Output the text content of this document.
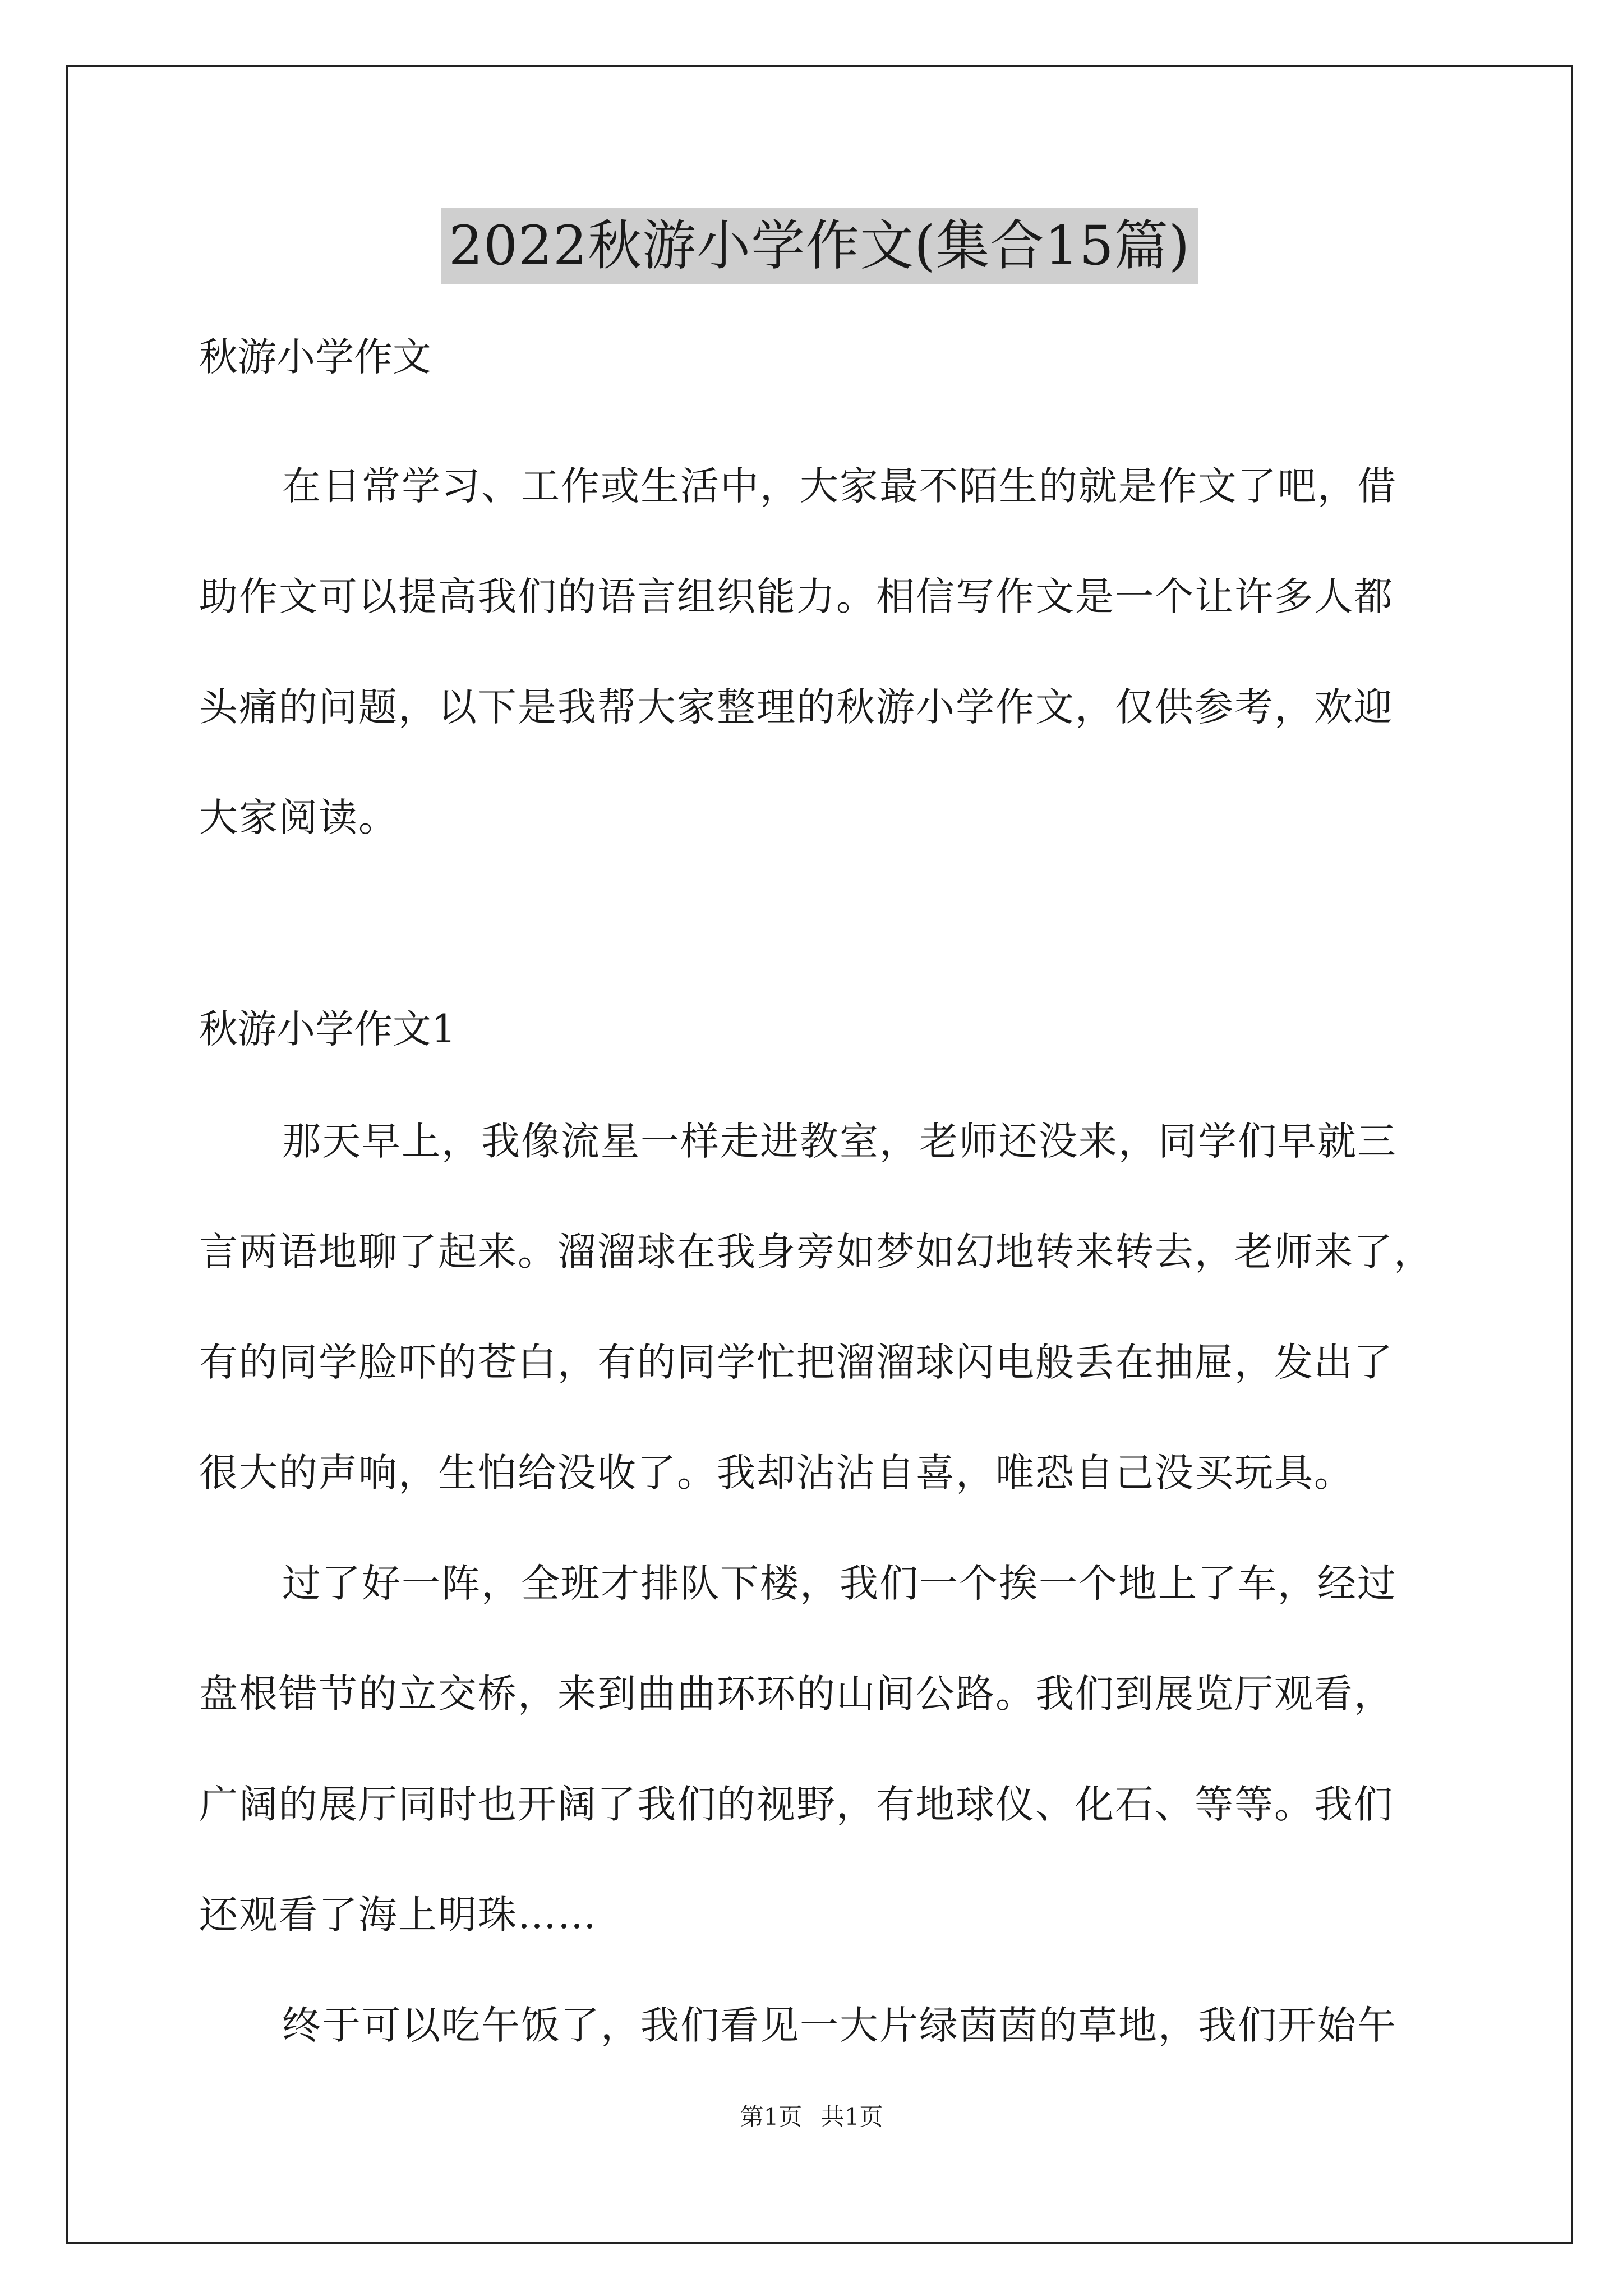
2022秋游小学作文(集合15篇)
秋游小学作文
在日常学习、工作或生活中，大家最不陌生的就是作文了吧，借
助作文可以提高我们的语言组织能力。相信写作文是一个让许多人都
头痛的问题，以下是我帮大家整理的秋游小学作文，仅供参考，欢迎
大家阅读。
秋游小学作文1
那天早上，我像流星一样走进教室，老师还没来，同学们早就三
言两语地聊了起来。溜溜球在我身旁如梦如幻地转来转去，老师来了，
有的同学脸吓的苍白，有的同学忙把溜溜球闪电般丢在抽屉，发出了
很大的声响，生怕给没收了。我却沾沾自喜，唯恐自己没买玩具。
过了好一阵，全班才排队下楼，我们一个挨一个地上了车，经过
盘根错节的立交桥，来到曲曲环环的山间公路。我们到展览厅观看，
广阔的展厅同时也开阔了我们的视野，有地球仪、化石、等等。我们
还观看了海上明珠……
终于可以吃午饭了，我们看见一大片绿茵茵的草地，我们开始午
第1页 共1页
